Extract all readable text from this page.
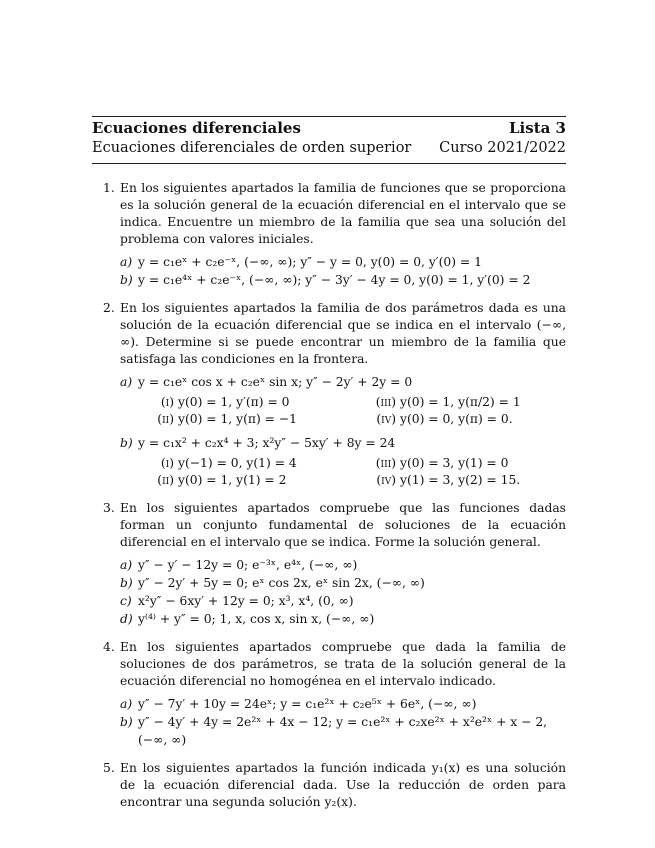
Ecuaciones diferenciales	Lista 3
Ecuaciones diferenciales de orden superior Curso 2021/2022
1. En los siguientes apartados la familia de funciones que se proporciona es la solución general de la ecuación diferencial en el intervalo que se indica. Encuentre un miembro de la familia que sea una solución del problema con valores iniciales.
a) y = c₁eˣ + c₂e⁻ˣ, (−∞, ∞); y″ − y = 0, y(0) = 0, y′(0) = 1
b) y = c₁e⁴ˣ + c₂e⁻ˣ, (−∞, ∞); y″ − 3y′ − 4y = 0, y(0) = 1, y′(0) = 2
2. En los siguientes apartados la familia de dos parámetros dada es una solución de la ecuación diferencial que se indica en el intervalo (−∞, ∞). Determine si se puede encontrar un miembro de la familia que satisfaga las condiciones en la frontera.
a) y = c₁eˣ cos x + c₂eˣ sin x; y″ − 2y′ + 2y = 0
(i) y(0) = 1, y′(π) = 0	(iii) y(0) = 1, y(π/2) = 1
(ii) y(0) = 1, y(π) = −1	(iv) y(0) = 0, y(π) = 0.
b) y = c₁x² + c₂x⁴ + 3; x²y″ − 5xy′ + 8y = 24
(i) y(−1) = 0, y(1) = 4	(iii) y(0) = 3, y(1) = 0
(ii) y(0) = 1, y(1) = 2	(iv) y(1) = 3, y(2) = 15.
3. En los siguientes apartados compruebe que las funciones dadas forman un conjunto fundamental de soluciones de la ecuación diferencial en el intervalo que se indica. Forme la solución general.
a) y″ − y′ − 12y = 0; e⁻³ˣ, e⁴ˣ, (−∞, ∞)
b) y″ − 2y′ + 5y = 0; eˣ cos 2x, eˣ sin 2x, (−∞, ∞)
c) x²y″ − 6xy′ + 12y = 0; x³, x⁴, (0, ∞)
d) y⁽⁴⁾ + y″ = 0; 1, x, cos x, sin x, (−∞, ∞)
4. En los siguientes apartados compruebe que dada la familia de soluciones de dos parámetros, se trata de la solución general de la ecuación diferencial no homogénea en el intervalo indicado.
a) y″ − 7y′ + 10y = 24eˣ; y = c₁e²ˣ + c₂e⁵ˣ + 6eˣ, (−∞, ∞)
b) y″ − 4y′ + 4y = 2e²ˣ + 4x − 12; y = c₁e²ˣ + c₂xe²ˣ + x²e²ˣ + x − 2, (−∞, ∞)
5. En los siguientes apartados la función indicada y₁(x) es una solución de la ecuación diferencial dada. Use la reducción de orden para encontrar una segunda solución y₂(x).
